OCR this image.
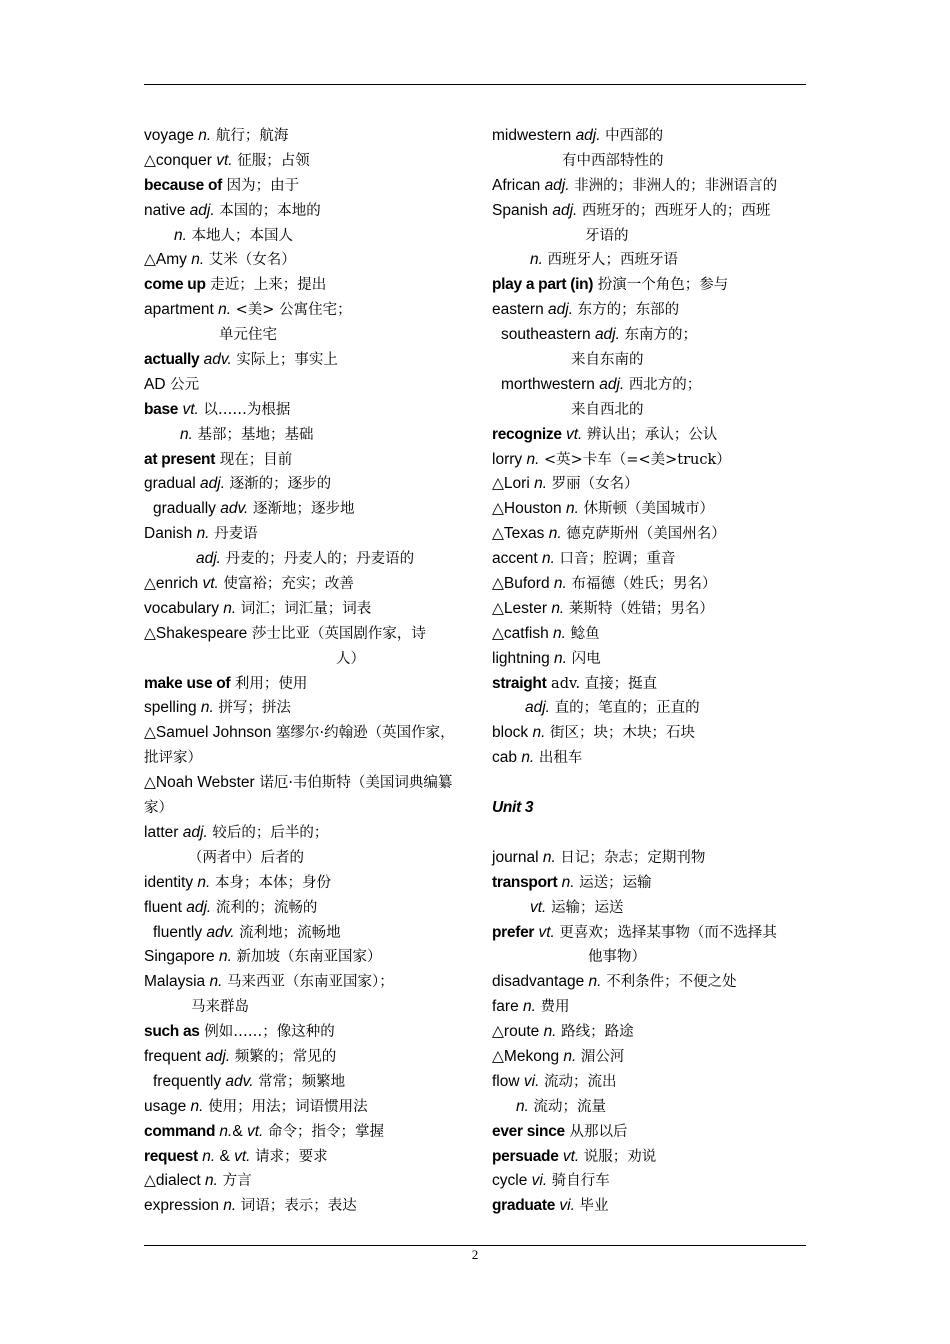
voyage n. 航行；航海
△conquer vt. 征服；占领
because of 因为；由于
native adj. 本国的；本地的
n. 本地人；本国人
△Amy n. 艾米（女名）
come up 走近；上来；提出
apartment n. <美> 公寓住宅；
单元住宅
actually adv. 实际上；事实上
AD 公元
base vt. 以……为根据
n. 基部；基地；基础
at present 现在；目前
gradual adj. 逐渐的；逐步的
gradually adv. 逐渐地；逐步地
Danish n. 丹麦语
adj. 丹麦的；丹麦人的；丹麦语的
△enrich vt. 使富裕；充实；改善
vocabulary n. 词汇；词汇量；词表
△Shakespeare 莎士比亚（英国剧作家，诗
人）
make use of 利用；使用
spelling n. 拼写；拼法
△Samuel Johnson 塞缪尔·约翰逊（英国作家，批评家）
△Noah Webster 诺厄·韦伯斯特（美国词典编纂家）
latter adj. 较后的；后半的；
（两者中）后者的
identity n. 本身；本体；身份
fluent adj. 流利的；流畅的
fluently adv. 流利地；流畅地
Singapore n. 新加坡（东南亚国家）
Malaysia n. 马来西亚（东南亚国家）；
马来群岛
such as 例如……；像这种的
frequent adj. 频繁的；常见的
frequently adv. 常常；频繁地
usage n. 使用；用法；词语惯用法
command n.& vt. 命令；指令；掌握
request n. & vt. 请求；要求
△dialect n. 方言
expression n. 词语；表示；表达
midwestern adj. 中西部的
有中西部特性的
African adj. 非洲的；非洲人的；非洲语言的
Spanish adj. 西班牙的；西班牙人的；西班
牙语的
n. 西班牙人；西班牙语
play a part (in) 扮演一个角色；参与
eastern adj. 东方的；东部的
southeastern adj. 东南方的；
来自东南的
morthwestern adj. 西北方的；
来自西北的
recognize vt. 辨认出；承认；公认
lorry n. <英>卡车（=<美>truck）
△Lori n. 罗丽（女名）
△Houston n. 休斯顿（美国城市）
△Texas n. 德克萨斯州（美国州名）
accent n. 口音；腔调；重音
△Buford n. 布福德（姓氏；男名）
△Lester n. 莱斯特（姓错；男名）
△catfish n. 鲶鱼
lightning n. 闪电
straight adv. 直接；挺直
adj. 直的；笔直的；正直的
block n. 街区；块；木块；石块
cab n. 出租车
Unit 3
journal n. 日记；杂志；定期刊物
transport n. 运送；运输
vt. 运输；运送
prefer vt. 更喜欢；选择某事物（而不选择其
他事物）
disadvantage n. 不利条件；不便之处
fare n. 费用
△route n. 路线；路途
△Mekong n. 湄公河
flow vi. 流动；流出
n. 流动；流量
ever since 从那以后
persuade vt. 说服；劝说
cycle vi. 骑自行车
graduate vi. 毕业
2
